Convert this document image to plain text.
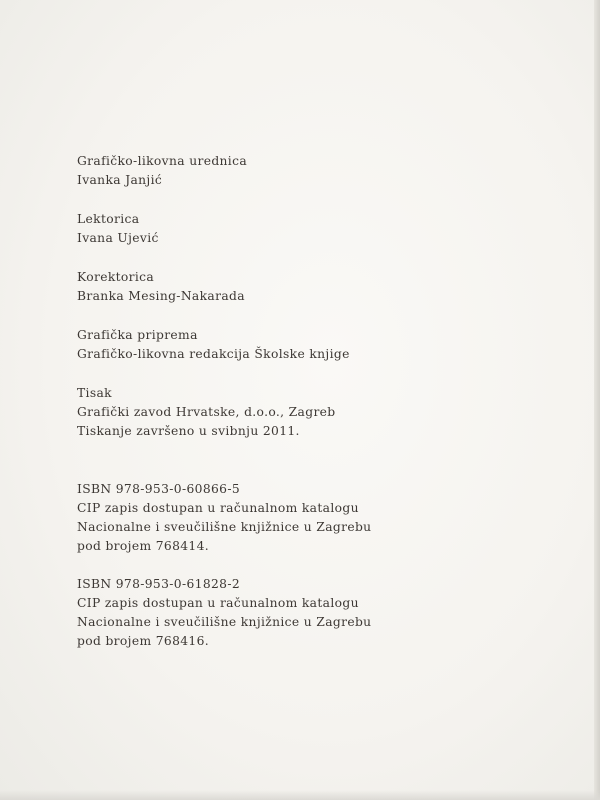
Grafičko-likovna urednica
Ivanka Janjić
Lektorica
Ivana Ujević
Korektorica
Branka Mesing-Nakarada
Grafička priprema
Grafičko-likovna redakcija Školske knjige
Tisak
Grafički zavod Hrvatske, d.o.o., Zagreb
Tiskanje završeno u svibnju 2011.
ISBN 978-953-0-60866-5
CIP zapis dostupan u računalnom katalogu
Nacionalne i sveučilišne knjižnice u Zagrebu
pod brojem 768414.
ISBN 978-953-0-61828-2
CIP zapis dostupan u računalnom katalogu
Nacionalne i sveučilišne knjižnice u Zagrebu
pod brojem 768416.
